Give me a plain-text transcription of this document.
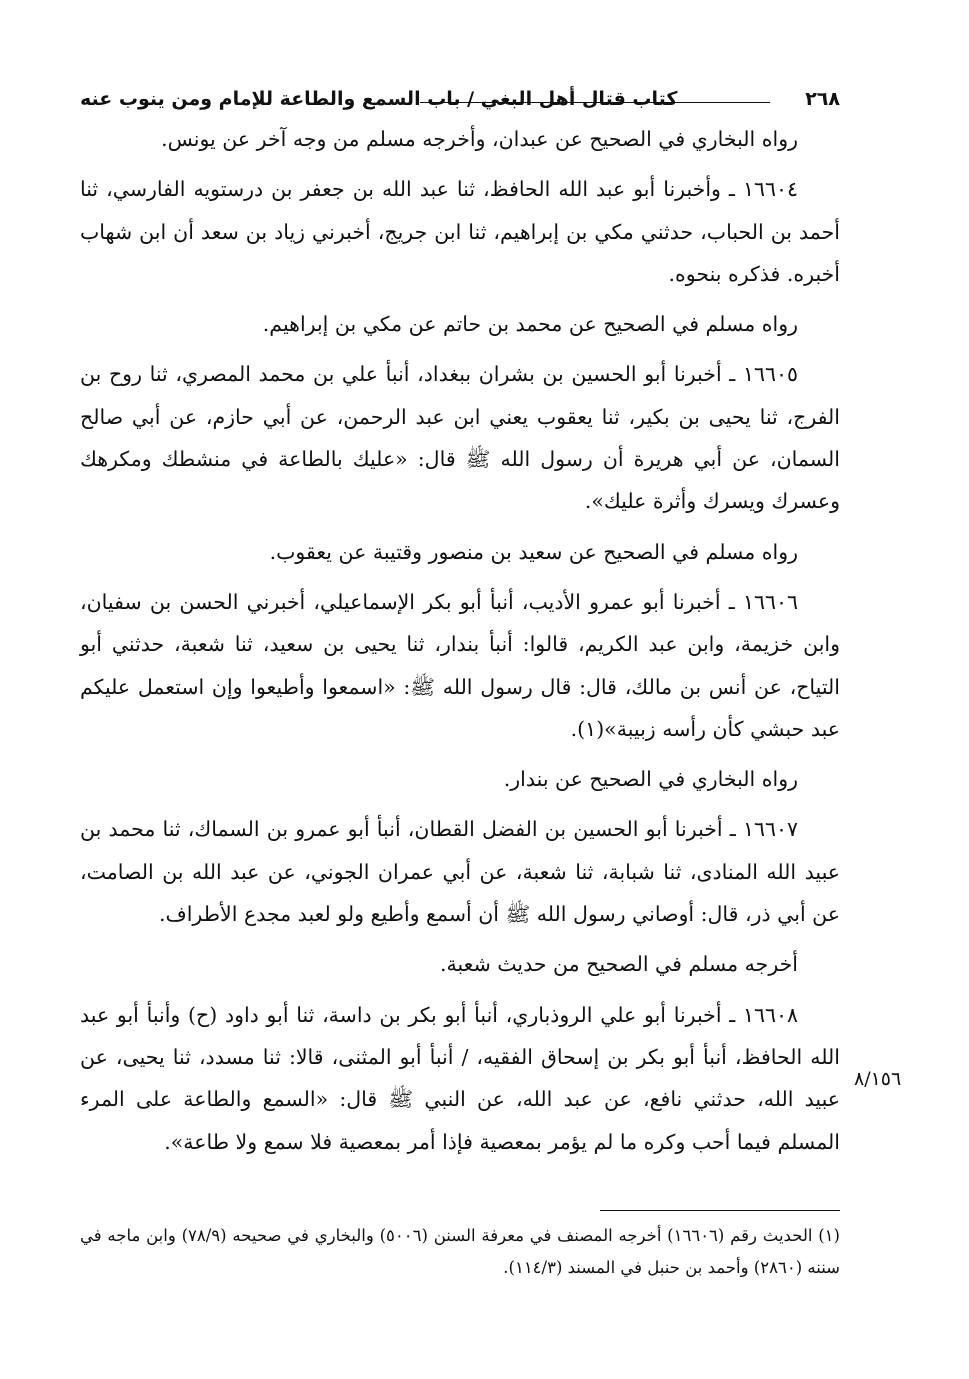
٢٦٨
كتاب قتال أهل البغي / باب السمع والطاعة للإمام ومن ينوب عنه

رواه البخاري في الصحيح عن عبدان، وأخرجه مسلم من وجه آخر عن يونس.

١٦٦٠٤ ـ وأخبرنا أبو عبد الله الحافظ، ثنا عبد الله بن جعفر بن درستويه الفارسي، ثنا أحمد بن الحباب، حدثني مكي بن إبراهيم، ثنا ابن جريج، أخبرني زياد بن سعد أن ابن شهاب أخبره. فذكره بنحوه.

رواه مسلم في الصحيح عن محمد بن حاتم عن مكي بن إبراهيم.

١٦٦٠٥ ـ أخبرنا أبو الحسين بن بشران ببغداد، أنبأ علي بن محمد المصري، ثنا روح بن الفرج، ثنا يحيى بن بكير، ثنا يعقوب يعني ابن عبد الرحمن، عن أبي حازم، عن أبي صالح السمان، عن أبي هريرة أن رسول الله ﷺ قال: «عليك بالطاعة في منشطك ومكرهك وعسرك ويسرك وأثرة عليك».

رواه مسلم في الصحيح عن سعيد بن منصور وقتيبة عن يعقوب.

١٦٦٠٦ ـ أخبرنا أبو عمرو الأديب، أنبأ أبو بكر الإسماعيلي، أخبرني الحسن بن سفيان، وابن خزيمة، وابن عبد الكريم، قالوا: أنبأ بندار، ثنا يحيى بن سعيد، ثنا شعبة، حدثني أبو التياح، عن أنس بن مالك، قال: قال رسول الله ﷺ: «اسمعوا وأطيعوا وإن استعمل عليكم عبد حبشي كأن رأسه زبيبة»(١).

رواه البخاري في الصحيح عن بندار.

١٦٦٠٧ ـ أخبرنا أبو الحسين بن الفضل القطان، أنبأ أبو عمرو بن السماك، ثنا محمد بن عبيد الله المنادى، ثنا شبابة، ثنا شعبة، عن أبي عمران الجوني، عن عبد الله بن الصامت، عن أبي ذر، قال: أوصاني رسول الله ﷺ أن أسمع وأطيع ولو لعبد مجدع الأطراف.

أخرجه مسلم في الصحيح من حديث شعبة.

١٦٦٠٨ ـ أخبرنا أبو علي الروذباري، أنبأ أبو بكر بن داسة، ثنا أبو داود (ح) وأنبأ أبو عبد الله الحافظ، أنبأ أبو بكر بن إسحاق الفقيه، / أنبأ أبو المثنى، قالا: ثنا مسدد، ثنا يحيى، عن عبيد الله، حدثني نافع، عن عبد الله، عن النبي ﷺ قال: «السمع والطاعة على المرء المسلم فيما أحب وكره ما لم يؤمر بمعصية فإذا أمر بمعصية فلا سمع ولا طاعة».

٨/١٥٦

(١) الحديث رقم (١٦٦٠٦) أخرجه المصنف في معرفة السنن (٥٠٠٦) والبخاري في صحيحه (٧٨/٩) وابن ماجه في سننه (٢٨٦٠) وأحمد بن حنبل في المسند (١١٤/٣).
